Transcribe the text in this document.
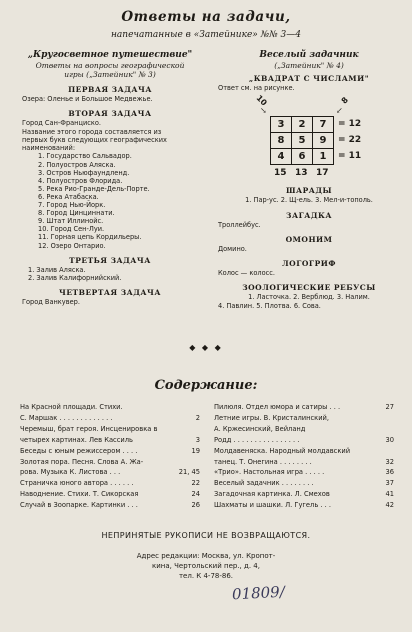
Ответы на задачи,
напечатанные в «Затейнике» №№ 3—4
„Кругосветное путешествие"
Ответы на вопросы географической
игры („Затейник" № 3)
ПЕРВАЯ ЗАДАЧА
Озера: Оленье и Большое Медвежье.
ВТОРАЯ ЗАДАЧА
Город Сан-Франциско.
Название этого города составляется из
первых букв следующих географических
наименований:
1. Государство Сальвадор.
2. Полуостров Аляска.
3. Остров Ньюфаундленд.
4. Полуостров Флорида.
5. Река Рио-Гранде-Дель-Порте.
6. Река Атабаска.
7. Город Нью-Йорк.
8. Город Цинциннати.
9. Штат Иллинойс.
10. Город Сен-Луи.
11. Горная цепь Кордильеры.
12. Озеро Онтарио.
ТРЕТЬЯ ЗАДАЧА
1. Залив Аляска.
2. Залив Калифорнийский.
ЧЕТВЕРТАЯ ЗАДАЧА
Город Ванкувер.
Веселый задачник
(„Затейник" № 4)
„КВАДРАТ С ЧИСЛАМИ"
Ответ см. на рисунке.
10
↘
8
↙
3	2	7
8	5	9
4	6	1
= 12
= 22
= 11
15 13 17
ШАРАДЫ
1. Пар-ус. 2. Щ-ель. 3. Мел-и-тополь.
ЗАГАДКА
Троллейбус.
ОМОНИМ
Домино.
ЛОГОГРИФ
Колос — колосс.
ЗООЛОГИЧЕСКИЕ РЕБУСЫ
1. Ласточка. 2. Верблюд. 3. Налим.
4. Павлин. 5. Плотва. 6. Сова.
◆ ◆ ◆
Содержание:
На Красной площади. Стихи.
С. Маршак . . . . . . . . . . . . .	2
Черемыш, брат героя. Инсценировка в
четырех картинах. Лев Кассиль	3
Беседы с юным режиссером . . . .	19
Золотая пора. Песня. Слова А. Жа-
рова. Музыка К. Листова . . .	21, 45
Страничка юного автора . . . . . .	22
Наводнение. Стихи. Т. Сикорская	24
Случай в Зоопарке. Картинки . . .	26
Пилюля. Отдел юмора и сатиры . . .	27
Летние игры. В. Кристалинский,
А. Кржесинский, Вейланд
Родд . . . . . . . . . . . . . . . .	30
Молдавеняска. Народный молдавский
танец. Т. Онегина . . . . . . . .	32
«Трио». Настольная игра . . . . .	36
Веселый задачник . . . . . . . .	37
Загадочная картинка. Л. Смехов	41
Шахматы и шашки. Л. Гугель . . .	42
НЕПРИНЯТЫЕ РУКОПИСИ НЕ ВОЗВРАЩАЮТСЯ.
Адрес редакции: Москва, ул. Кропот-
кина, Чертольский пер., д. 4,
тел. К 4-78-86.
01809/
